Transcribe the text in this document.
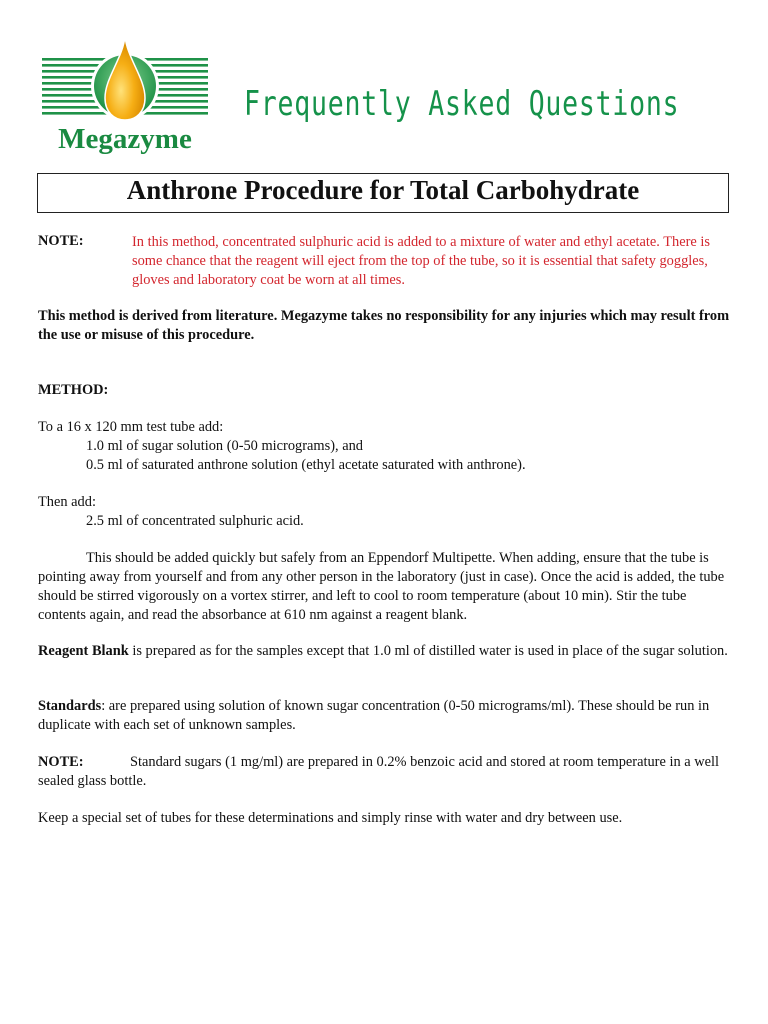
Megazyme
Frequently Asked Questions
Anthrone Procedure for Total Carbohydrate
NOTE:	In this method, concentrated sulphuric acid is added to a mixture of water and ethyl acetate. There is some chance that the reagent will eject from the top of the tube, so it is essential that safety goggles, gloves and laboratory coat be worn at all times.
This method is derived from literature. Megazyme takes no responsibility for any injuries which may result from the use or misuse of this procedure.
METHOD:
To a 16 x 120 mm test tube add:
1.0 ml of sugar solution (0-50 micrograms), and
0.5 ml of saturated anthrone solution (ethyl acetate saturated with anthrone).
Then add:
2.5 ml of concentrated sulphuric acid.
This should be added quickly but safely from an Eppendorf Multipette. When adding, ensure that the tube is pointing away from yourself and from any other person in the laboratory (just in case). Once the acid is added, the tube should be stirred vigorously on a vortex stirrer, and left to cool to room temperature (about 10 min). Stir the tube contents again, and read the absorbance at 610 nm against a reagent blank.
Reagent Blank is prepared as for the samples except that 1.0 ml of distilled water is used in place of the sugar solution.
Standards: are prepared using solution of known sugar concentration (0-50 micrograms/ml). These should be run in duplicate with each set of unknown samples.
NOTE:	Standard sugars (1 mg/ml) are prepared in 0.2% benzoic acid and stored at room temperature in a well sealed glass bottle.
Keep a special set of tubes for these determinations and simply rinse with water and dry between use.
